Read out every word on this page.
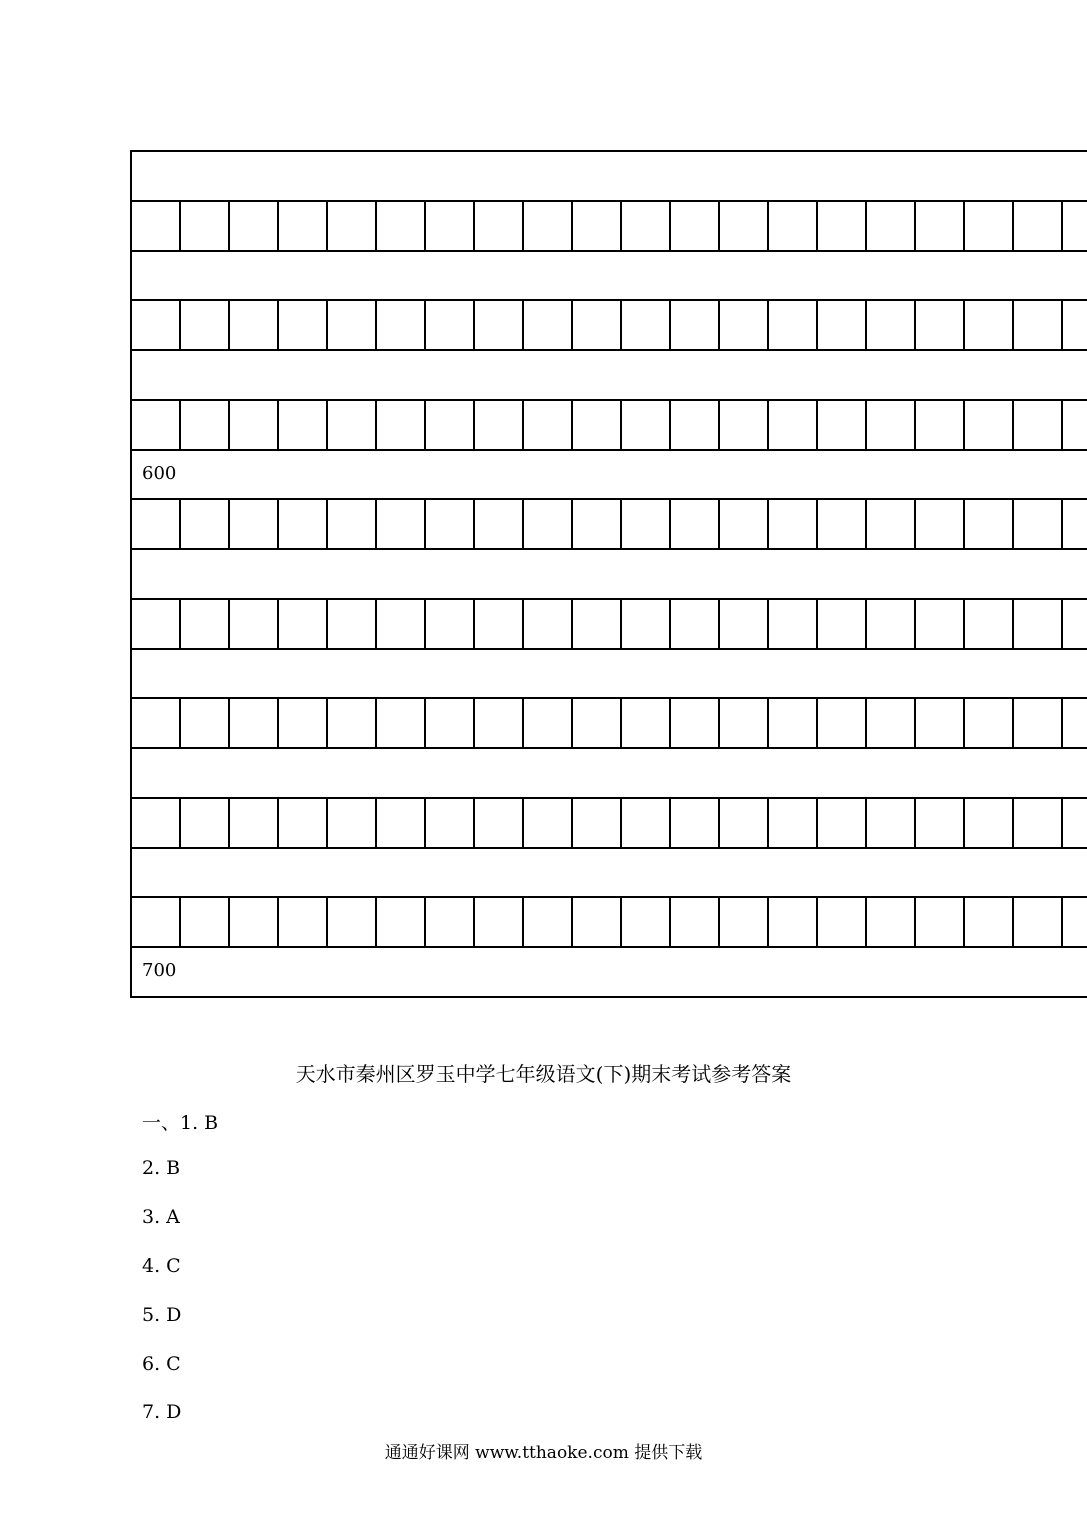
600
700
天水市秦州区罗玉中学七年级语文(下)期末考试参考答案
一、1. B
2. B
3. A
4. C
5. D
6. C
7. D
通通好课网 www.tthaoke.com 提供下载
